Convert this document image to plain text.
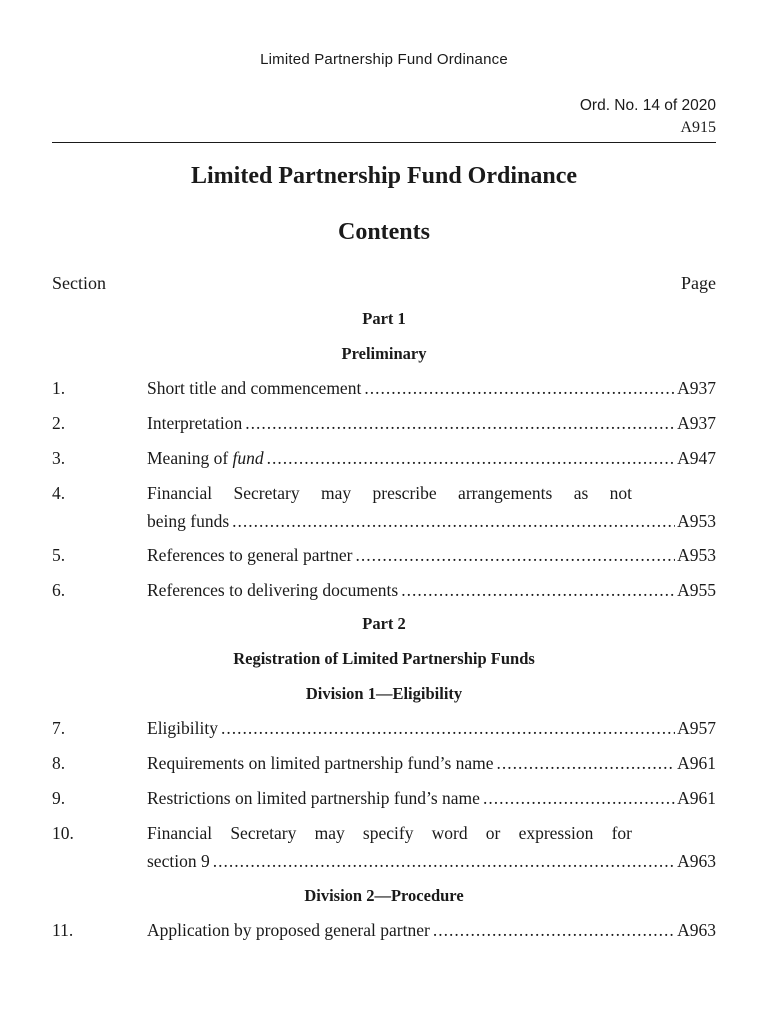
Limited Partnership Fund Ordinance
Ord. No. 14 of 2020
A915
Limited Partnership Fund Ordinance
Contents
Section	Page
Part 1
Preliminary
1.	Short title and commencement .....	A937
2.	Interpretation .....	A937
3.	Meaning of fund .....	A947
4.	Financial Secretary may prescribe arrangements as not
being funds .....	A953
5.	References to general partner .....	A953
6.	References to delivering documents .....	A955
Part 2
Registration of Limited Partnership Funds
Division 1—Eligibility
7.	Eligibility .....	A957
8.	Requirements on limited partnership fund’s name .....	A961
9.	Restrictions on limited partnership fund’s name .....	A961
10.	Financial Secretary may specify word or expression for
section 9 .....	A963
Division 2—Procedure
11.	Application by proposed general partner .....	A963
